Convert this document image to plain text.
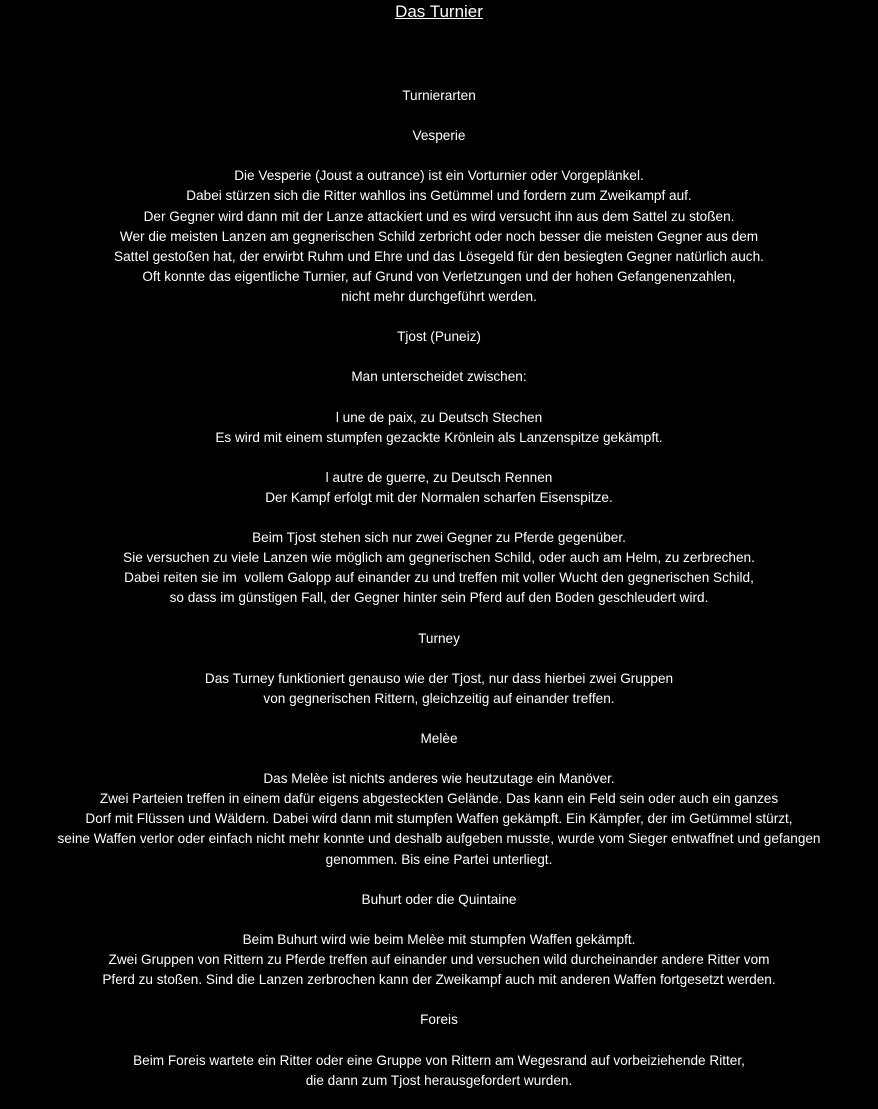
Das Turnier
Turnierarten
Vesperie
Die Vesperie (Joust a outrance) ist ein Vorturnier oder Vorgeplänkel.
Dabei stürzen sich die Ritter wahllos ins Getümmel und fordern zum Zweikampf auf.
Der Gegner wird dann mit der Lanze attackiert und es wird versucht ihn aus dem Sattel zu stoßen.
Wer die meisten Lanzen am gegnerischen Schild zerbricht oder noch besser die meisten Gegner aus dem
Sattel gestoßen hat, der erwirbt Ruhm und Ehre und das Lösegeld für den besiegten Gegner natürlich auch.
Oft konnte das eigentliche Turnier, auf Grund von Verletzungen und der hohen Gefangenenzahlen,
nicht mehr durchgeführt werden.
Tjost (Puneiz)
Man unterscheidet zwischen:
l une de paix, zu Deutsch Stechen
Es wird mit einem stumpfen gezackte Krönlein als Lanzenspitze gekämpft.
l autre de guerre, zu Deutsch Rennen
Der Kampf erfolgt mit der Normalen scharfen Eisenspitze.
Beim Tjost stehen sich nur zwei Gegner zu Pferde gegenüber.
Sie versuchen zu viele Lanzen wie möglich am gegnerischen Schild, oder auch am Helm, zu zerbrechen.
Dabei reiten sie im  vollem Galopp auf einander zu und treffen mit voller Wucht den gegnerischen Schild,
so dass im günstigen Fall, der Gegner hinter sein Pferd auf den Boden geschleudert wird.
Turney
Das Turney funktioniert genauso wie der Tjost, nur dass hierbei zwei Gruppen
von gegnerischen Rittern, gleichzeitig auf einander treffen.
Melèe
Das Melèe ist nichts anderes wie heutzutage ein Manöver.
Zwei Parteien treffen in einem dafür eigens abgesteckten Gelände. Das kann ein Feld sein oder auch ein ganzes
Dorf mit Flüssen und Wäldern. Dabei wird dann mit stumpfen Waffen gekämpft. Ein Kämpfer, der im Getümmel stürzt,
seine Waffen verlor oder einfach nicht mehr konnte und deshalb aufgeben musste, wurde vom Sieger entwaffnet und gefangen
genommen. Bis eine Partei unterliegt.
Buhurt oder die Quintaine
Beim Buhurt wird wie beim Melèe mit stumpfen Waffen gekämpft.
Zwei Gruppen von Rittern zu Pferde treffen auf einander und versuchen wild durcheinander andere Ritter vom
Pferd zu stoßen. Sind die Lanzen zerbrochen kann der Zweikampf auch mit anderen Waffen fortgesetzt werden.
Foreis
Beim Foreis wartete ein Ritter oder eine Gruppe von Rittern am Wegesrand auf vorbeiziehende Ritter,
die dann zum Tjost herausgefordert wurden.
